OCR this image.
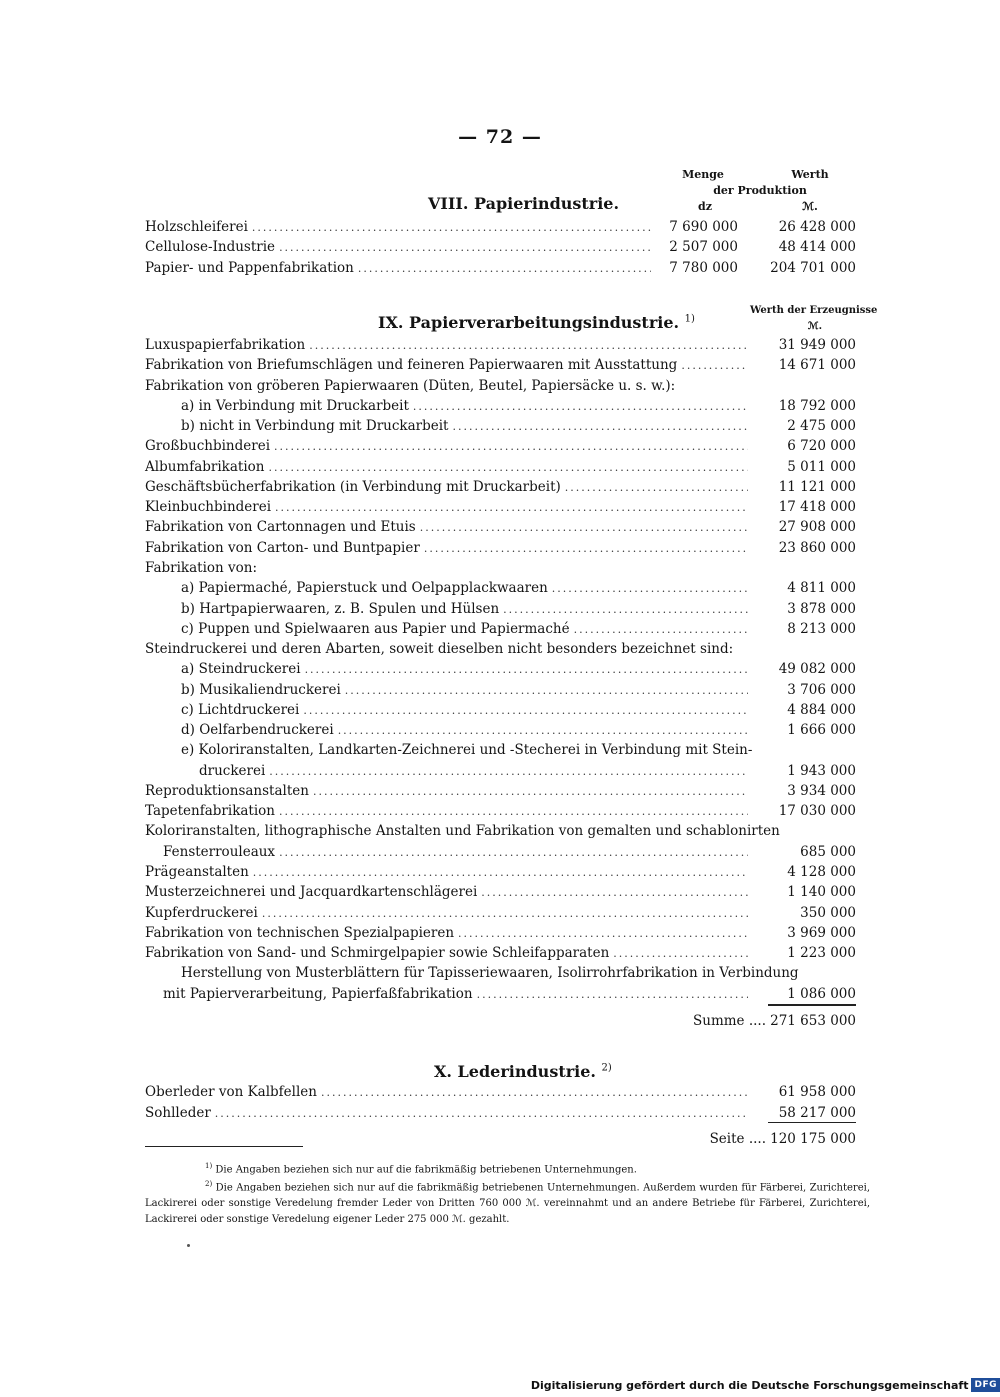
— 72 —
Menge	Werth
der Produktion
dz	ℳ.
VIII. Papierindustrie.
Holzschleiferei .....	7 690 000	26 428 000
Cellulose-Industrie .....	2 507 000	48 414 000
Papier- und Pappenfabrikation .....	7 780 000	204 701 000
IX. Papierverarbeitungsindustrie. $^{1)}$
Werth der Erzeugnisse
ℳ.
Luxuspapierfabrikation .....	31 949 000
Fabrikation von Briefumschlägen und feineren Papierwaaren mit Ausstattung .....	14 671 000
Fabrikation von gröberen Papierwaaren (Düten, Beutel, Papiersäcke u. s. w.):
a) in Verbindung mit Druckarbeit .....	18 792 000
b) nicht in Verbindung mit Druckarbeit .....	2 475 000
Großbuchbinderei .....	6 720 000
Albumfabrikation .....	5 011 000
Geschäftsbücherfabrikation (in Verbindung mit Druckarbeit) .....	11 121 000
Kleinbuchbinderei .....	17 418 000
Fabrikation von Cartonnagen und Etuis .....	27 908 000
Fabrikation von Carton- und Buntpapier .....	23 860 000
Fabrikation von:
a) Papiermaché, Papierstuck und Oelpapplackwaaren .....	4 811 000
b) Hartpapierwaaren, z. B. Spulen und Hülsen .....	3 878 000
c) Puppen und Spielwaaren aus Papier und Papiermaché .....	8 213 000
Steindruckerei und deren Abarten, soweit dieselben nicht besonders bezeichnet sind:
a) Steindruckerei .....	49 082 000
b) Musikaliendruckerei .....	3 706 000
c) Lichtdruckerei .....	4 884 000
d) Oelfarbendruckerei .....	1 666 000
e) Koloriranstalten, Landkarten-Zeichnerei und -Stecherei in Verbindung mit Stein-
druckerei .....	1 943 000
Reproduktionsanstalten .....	3 934 000
Tapetenfabrikation .....	17 030 000
Koloriranstalten, lithographische Anstalten und Fabrikation von gemalten und schablonirten
Fensterrouleaux .....	685 000
Prägeanstalten .....	4 128 000
Musterzeichnerei und Jacquardkartenschlägerei .....	1 140 000
Kupferdruckerei .....	350 000
Fabrikation von technischen Spezialpapieren .....	3 969 000
Fabrikation von Sand- und Schmirgelpapier sowie Schleifapparaten .....	1 223 000
Herstellung von Musterblättern für Tapisseriewaaren, Isolirrohrfabrikation in Verbindung
mit Papierverarbeitung, Papierfaßfabrikation .....	1 086 000
Summe .... 271 653 000
X. Lederindustrie. $^{2)}$
Oberleder von Kalbfellen .....	61 958 000
Sohlleder .....	58 217 000
Seite .... 120 175 000
$^{1)}$ Die Angaben beziehen sich nur auf die fabrikmäßig betriebenen Unternehmungen.
$^{2)}$ Die Angaben beziehen sich nur auf die fabrikmäßig betriebenen Unternehmungen. Außerdem wurden für Färberei, Zurichterei, Lackirerei oder sonstige Veredelung fremder Leder von Dritten 760 000 ℳ. vereinnahmt und an andere Betriebe für Färberei, Zurichterei, Lackirerei oder sonstige Veredelung eigener Leder 275 000 ℳ. gezahlt.
Digitalisierung gefördert durch die Deutsche Forschungsgemeinschaft DFG
